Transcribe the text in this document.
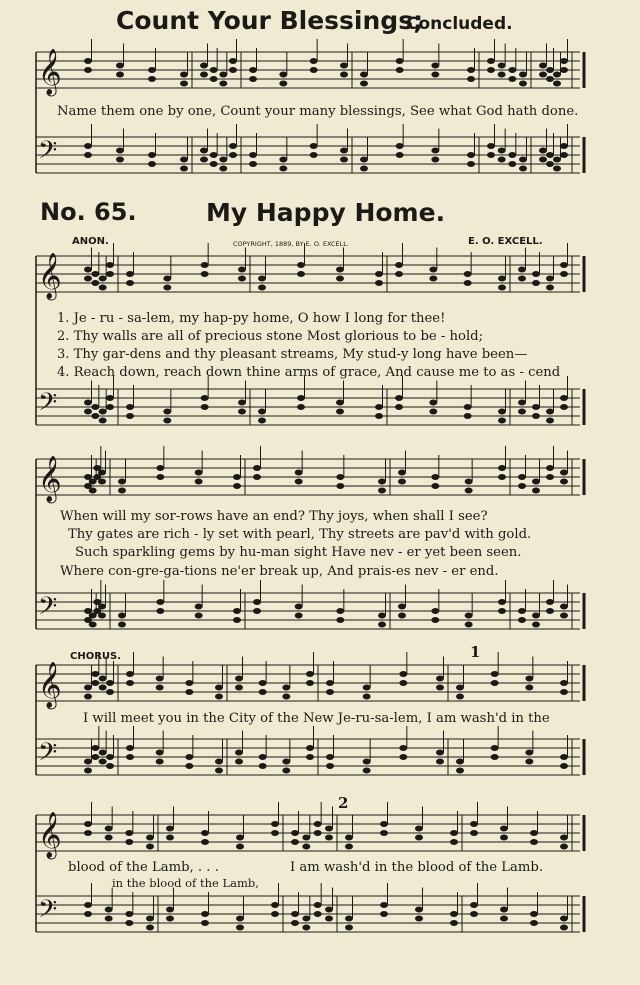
Count Your Blessings;
Concluded.
𝄞
𝄢
𝄞
𝄢
𝄞
𝄢
𝄞
𝄢
𝄞
𝄢
Name them one by one, Count your many blessings, See what God hath done.
No. 65.	My Happy Home.
ANON.	COPYRIGHT, 1889, BY E. O. EXCELL.	E. O. EXCELL.
1. Je - ru - sa-lem, my hap-py home, O how I long for thee!
2. Thy walls are all of precious stone Most glorious to be - hold;
3. Thy gar-dens and thy pleasant streams, My stud-y long have been—
4. Reach down, reach down thine arms of grace, And cause me to as - cend
When will my sor-rows have an end? Thy joys, when shall I see?
Thy gates are rich - ly set with pearl, Thy streets are pav'd with gold.
Such sparkling gems by hu-man sight Have nev - er yet been seen.
Where con-gre-ga-tions ne'er break up, And prais-es nev - er end.
CHORUS.	1
2
I will meet you in the City of the New Je-ru-sa-lem, I am wash'd in the
blood of the Lamb, . . .	I am wash'd in the blood of the Lamb.
in the blood of the Lamb,
